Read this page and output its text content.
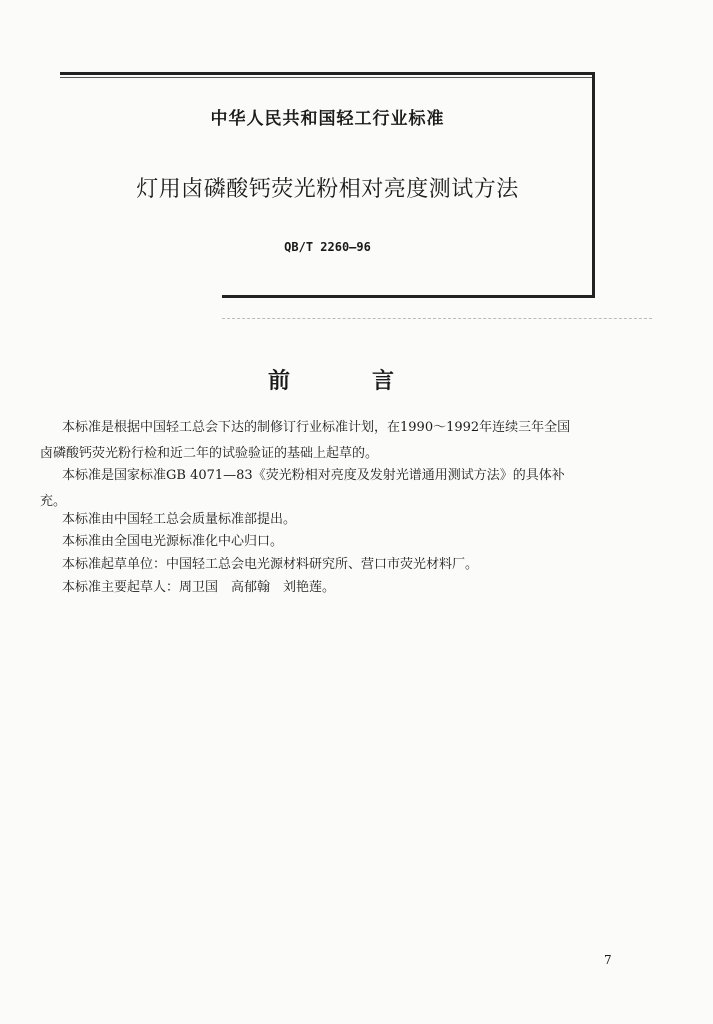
中华人民共和国轻工行业标准
灯用卤磷酸钙荧光粉相对亮度测试方法
QB/T 2260—96
前　言
本标准是根据中国轻工总会下达的制修订行业标准计划，在1990～1992年连续三年全国
卤磷酸钙荧光粉行检和近二年的试验验证的基础上起草的。
本标准是国家标准GB 4071—83《荧光粉相对亮度及发射光谱通用测试方法》的具体补
充。
本标准由中国轻工总会质量标准部提出。
本标准由全国电光源标准化中心归口。
本标准起草单位：中国轻工总会电光源材料研究所、营口市荧光材料厂。
本标准主要起草人：周卫国　高郁翰　刘艳莲。
7
